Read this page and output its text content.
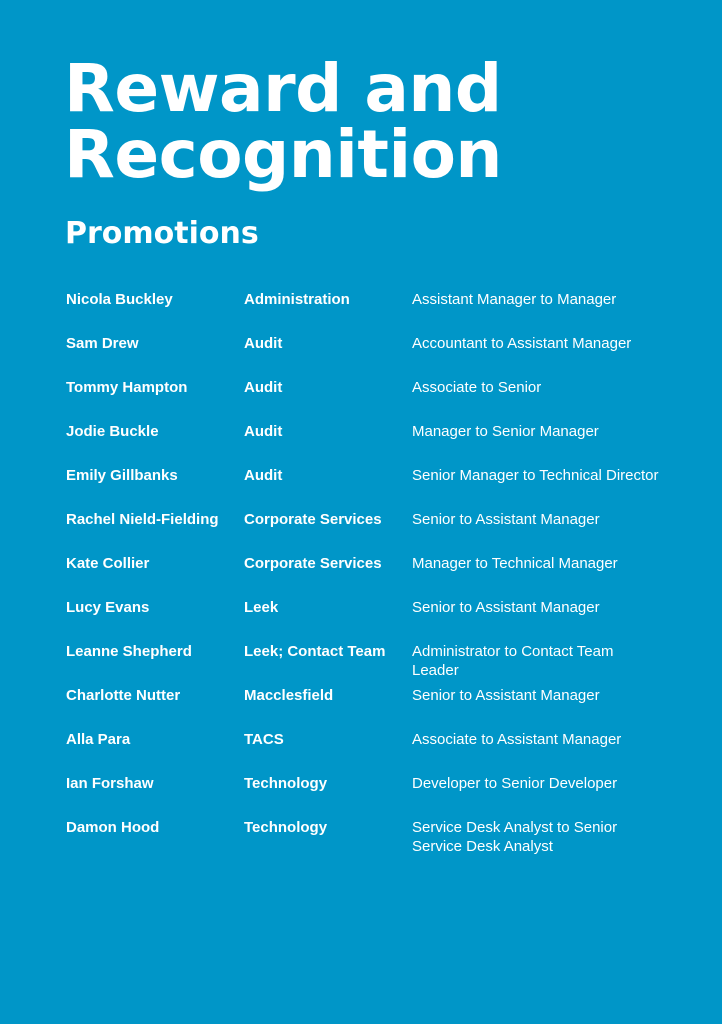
Reward and
Recognition
Promotions
Nicola Buckley	Administration	Assistant Manager to Manager
Sam Drew	Audit	Accountant to Assistant Manager
Tommy Hampton	Audit	Associate to Senior
Jodie Buckle	Audit	Manager to Senior Manager
Emily Gillbanks	Audit	Senior Manager to Technical Director
Rachel Nield-Fielding	Corporate Services	Senior to Assistant Manager
Kate Collier	Corporate Services	Manager to Technical Manager
Lucy Evans	Leek	Senior to Assistant Manager
Leanne Shepherd	Leek; Contact Team	Administrator to Contact Team Leader
Charlotte Nutter	Macclesfield	Senior to Assistant Manager
Alla Para	TACS	Associate to Assistant Manager
Ian Forshaw	Technology	Developer to Senior Developer
Damon Hood	Technology	Service Desk Analyst to Senior Service Desk Analyst
